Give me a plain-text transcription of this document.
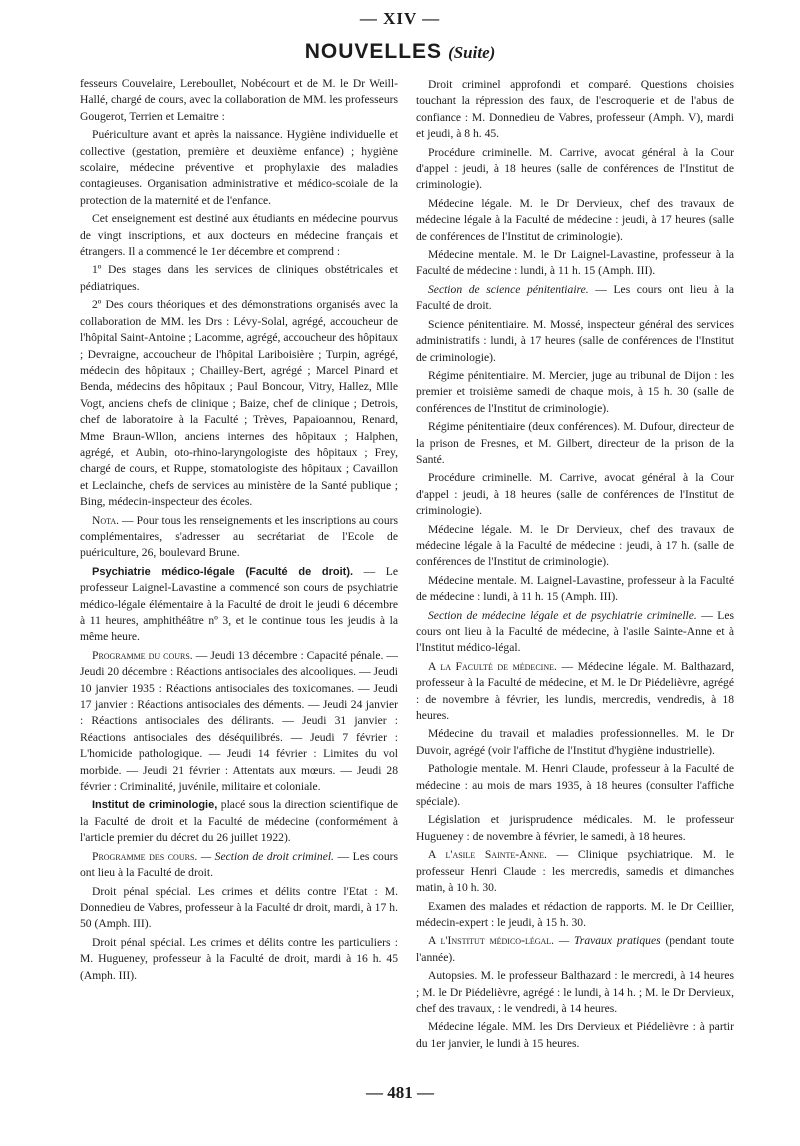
— XIV —
NOUVELLES (Suite)

fesseurs Couvelaire, Lereboullet, Nobécourt et de M. le Dr Weill-Hallé, chargé de cours, avec la collaboration de MM. les professeurs Gougerot, Terrien et Lemaitre :

Puériculture avant et après la naissance. Hygiène individuelle et collective (gestation, première et deuxième enfance) ; hygiène scolaire, médecine préventive et prophylaxie des maladies contagieuses. Organisation administrative et médico-scoiale de la protection de la maternité et de l'enfance.

Cet enseignement est destiné aux étudiants en médecine pourvus de vingt inscriptions, et aux docteurs en médecine français et étrangers. Il a commencé le 1er décembre et comprend :

1º Des stages dans les services de cliniques obstétricales et pédiatriques.

2º Des cours théoriques et des démonstrations organisés avec la collaboration de MM. les Drs : Lévy-Solal, agrégé, accoucheur de l'hôpital Saint-Antoine ; Lacomme, agrégé, accoucheur des hôpitaux ; Devraigne, accoucheur de l'hôpital Lariboisière ; Turpin, agrégé, médecin des hôpitaux ; Chailley-Bert, agrégé ; Marcel Pinard et Benda, médecins des hôpitaux ; Paul Boncour, Vitry, Hallez, Mlle Vogt, anciens chefs de clinique ; Baize, chef de clinique ; Detrois, chef de laboratoire à la Faculté ; Trèves, Papaioannou, Renard, Mme Braun-Wllon, anciens internes des hôpitaux ; Halphen, agrégé, et Aubin, oto-rhino-laryngologiste des hôpitaux ; Frey, chargé de cours, et Ruppe, stomatologiste des hôpitaux ; Cavaillon et Leclainche, chefs de services au ministère de la Santé publique ; Bing, médecin-inspecteur des écoles.

Nota. — Pour tous les renseignements et les inscriptions au cours complémentaires, s'adresser au secrétariat de l'Ecole de puériculture, 26, boulevard Brune.

Psychiatrie médico-légale (Faculté de droit). — Le professeur Laignel-Lavastine a commencé son cours de psychiatrie médico-légale élémentaire à la Faculté de droit le jeudi 6 décembre à 11 heures, amphithéâtre nº 3, et le continue tous les jeudis à la même heure.

Programme du cours. — Jeudi 13 décembre : Capacité pénale. — Jeudi 20 décembre : Réactions antisociales des alcooliques. — Jeudi 10 janvier 1935 : Réactions antisociales des toxicomanes. — Jeudi 17 janvier : Réactions antisociales des déments. — Jeudi 24 janvier : Réactions antisociales des délirants. — Jeudi 31 janvier : Réactions antisociales des déséquilibrés. — Jeudi 7 février : L'homicide pathologique. — Jeudi 14 février : Limites du vol morbide. — Jeudi 21 février : Attentats aux mœurs. — Jeudi 28 février : Criminalité, juvénile, militaire et coloniale.

Institut de criminologie, placé sous la direction scientifique de la Faculté de droit et la Faculté de médecine (conformément à l'article premier du décret du 26 juillet 1922).

Programme des cours. — Section de droit criminel. — Les cours ont lieu à la Faculté de droit.

Droit pénal spécial. Les crimes et délits contre l'Etat : M. Donnedieu de Vabres, professeur à la Faculté dr droit, mardi, à 17 h. 50 (Amph. III).

Droit pénal spécial. Les crimes et délits contre les particuliers : M. Hugueney, professeur à la Faculté de droit, mardi à 16 h. 45 (Amph. III).

Droit criminel approfondi et comparé. Questions choisies touchant la répression des faux, de l'escroquerie et de l'abus de confiance : M. Donnedieu de Vabres, professeur (Amph. V), mardi et jeudi, à 8 h. 45.

Procédure criminelle. M. Carrive, avocat général à la Cour d'appel : jeudi, à 18 heures (salle de conférences de l'Institut de criminologie).

Médecine légale. M. le Dr Dervieux, chef des travaux de médecine légale à la Faculté de médecine : jeudi, à 17 heures (salle de conférences de l'Institut de criminologie).

Médecine mentale. M. le Dr Laignel-Lavastine, professeur à la Faculté de médecine : lundi, à 11 h. 15 (Amph. III).

Section de science pénitentiaire. — Les cours ont lieu à la Faculté de droit.

Science pénitentiaire. M. Mossé, inspecteur général des services administratifs : lundi, à 17 heures (salle de conférences de l'Institut de criminologie).

Régime pénitentiaire. M. Mercier, juge au tribunal de Dijon : les premier et troisième samedi de chaque mois, à 15 h. 30 (salle de conférences de l'Institut de criminologie).

Régime pénitentiaire (deux conférences). M. Dufour, directeur de la prison de Fresnes, et M. Gilbert, directeur de la prison de la Santé.

Procédure criminelle. M. Carrive, avocat général à la Cour d'appel : jeudi, à 18 heures (salle de conférences de l'Institut de criminologie).

Médecine légale. M. le Dr Dervieux, chef des travaux de médecine légale à la Faculté de médecine : jeudi, à 17 h. (salle de conférences de l'Institut de criminologie).

Médecine mentale. M. Laignel-Lavastine, professeur à la Faculté de médecine : lundi, à 11 h. 15 (Amph. III).

Section de médecine légale et de psychiatrie criminelle. — Les cours ont lieu à la Faculté de médecine, à l'asile Sainte-Anne et à l'Institut médico-légal.

A la Faculté de médecine. — Médecine légale. M. Balthazard, professeur à la Faculté de médecine, et M. le Dr Piédelièvre, agrégé : de novembre à février, les lundis, mercredis, vendredis, à 18 heures.

Médecine du travail et maladies professionnelles. M. le Dr Duvoir, agrégé (voir l'affiche de l'Institut d'hygiène industrielle).

Pathologie mentale. M. Henri Claude, professeur à la Faculté de médecine : au mois de mars 1935, à 18 heures (consulter l'affiche spéciale).

Législation et jurisprudence médicales. M. le professeur Hugueney : de novembre à février, le samedi, à 18 heures.

A l'asile Sainte-Anne. — Clinique psychiatrique. M. le professeur Henri Claude : les mercredis, samedis et dimanches matin, à 10 h. 30.

Examen des malades et rédaction de rapports. M. le Dr Ceillier, médecin-expert : le jeudi, à 15 h. 30.

A l'Institut médico-légal. — Travaux pratiques (pendant toute l'année).

Autopsies. M. le professeur Balthazard : le mercredi, à 14 heures ; M. le Dr Piédelièvre, agrégé : le lundi, à 14 h. ; M. le Dr Dervieux, chef des travaux, : le vendredi, à 14 heures.

Médecine légale. MM. les Drs Dervieux et Piédelièvre : à partir du 1er janvier, le lundi à 15 heures.

— 481 —
